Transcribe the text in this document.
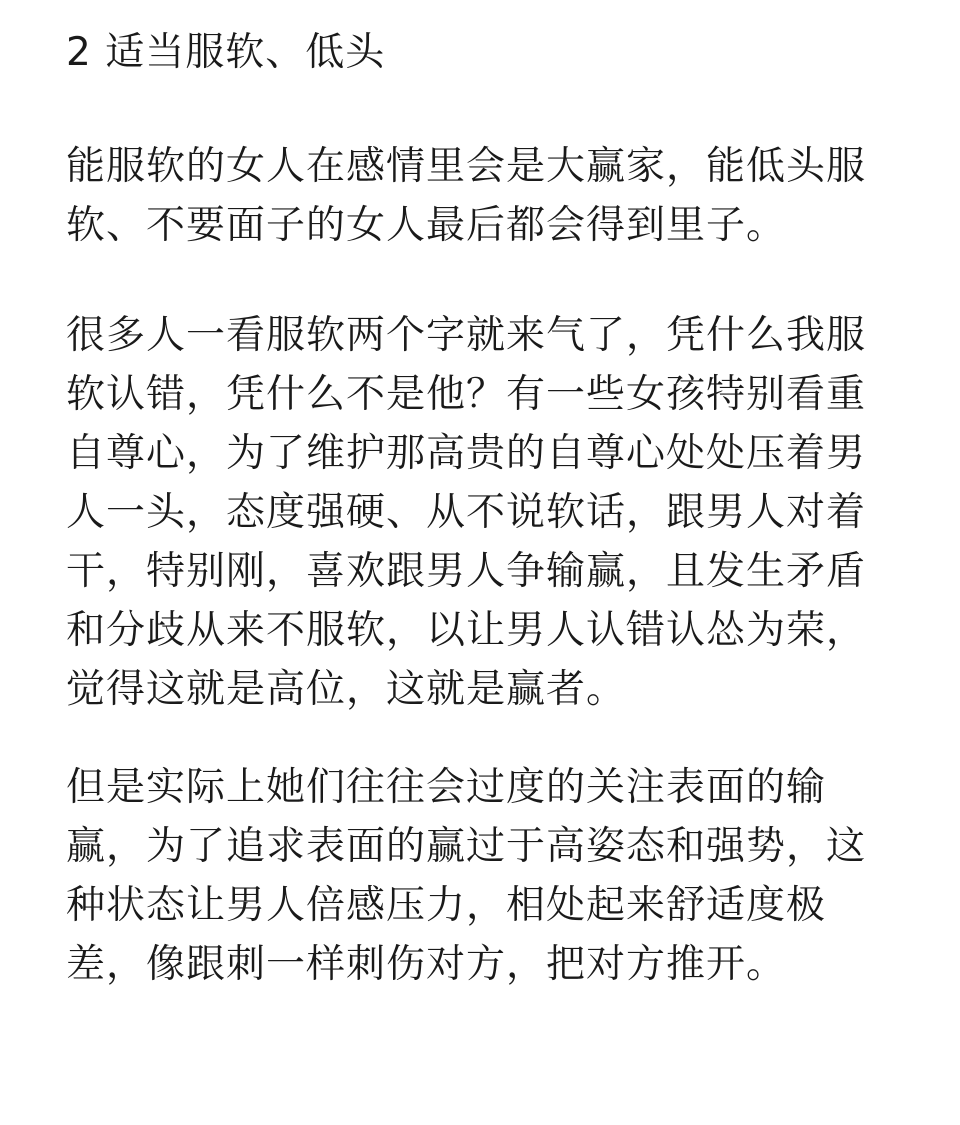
2 适当服软、低头

能服软的女人在感情里会是大赢家，能低头服
软、不要面子的女人最后都会得到里子。

很多人一看服软两个字就来气了，凭什么我服
软认错，凭什么不是他？有一些女孩特别看重
自尊心，为了维护那高贵的自尊心处处压着男
人一头，态度强硬、从不说软话，跟男人对着
干，特别刚，喜欢跟男人争输赢，且发生矛盾
和分歧从来不服软，以让男人认错认怂为荣，
觉得这就是高位，这就是赢者。

但是实际上她们往往会过度的关注表面的输
赢，为了追求表面的赢过于高姿态和强势，这
种状态让男人倍感压力，相处起来舒适度极
差，像跟刺一样刺伤对方，把对方推开。
